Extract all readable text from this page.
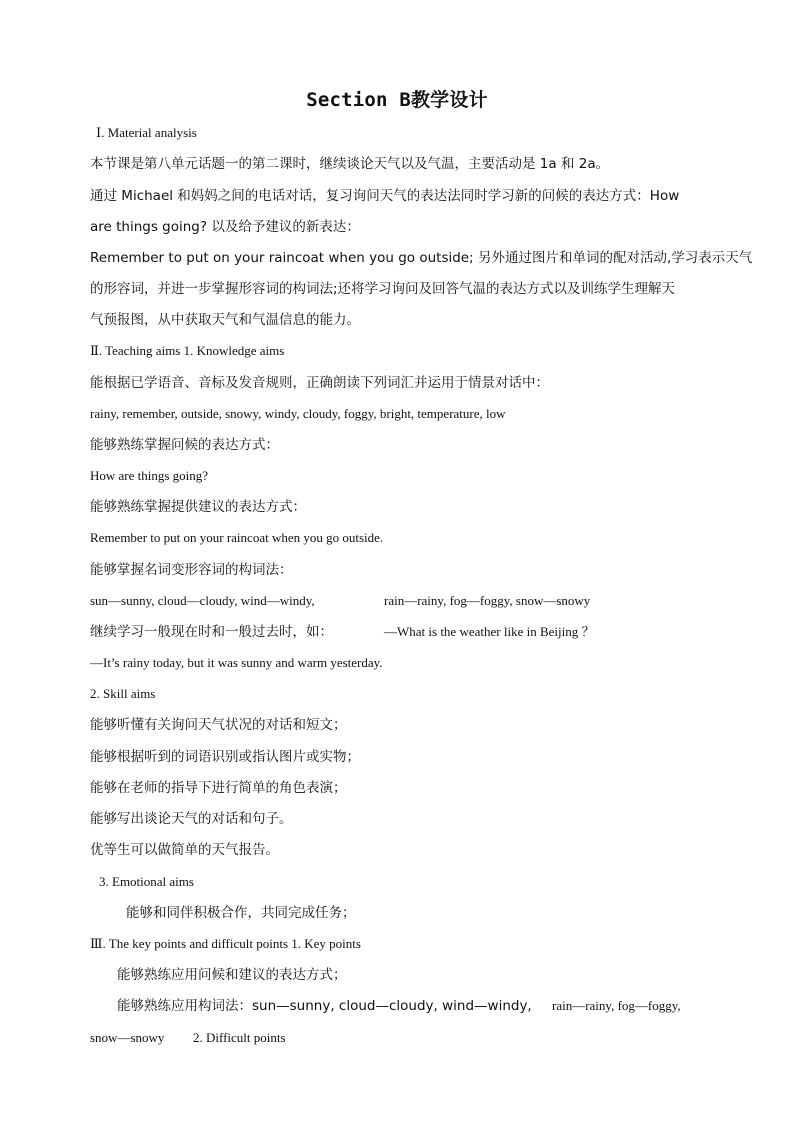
Section B教学设计
Ⅰ. Material analysis
本节课是第八单元话题一的第二课时，继续谈论天气以及气温，主要活动是 1a 和 2a。
通过 Michael 和妈妈之间的电话对话，复习询问天气的表达法同时学习新的问候的表达方式：How
are things going? 以及给予建议的新表达：
Remember to put on your raincoat when you go outside; 另外通过图片和单词的配对活动,学习表示天气
的形容词，并进一步掌握形容词的构词法;还将学习询问及回答气温的表达方式以及训练学生理解天
气预报图，从中获取天气和气温信息的能力。
Ⅱ. Teaching aims 1. Knowledge aims
能根据已学语音、音标及发音规则，正确朗读下列词汇并运用于情景对话中：
rainy, remember, outside, snowy, windy, cloudy, foggy, bright, temperature, low
能够熟练掌握问候的表达方式：
How are things going?
能够熟练掌握提供建议的表达方式：
Remember to put on your raincoat when you go outside.
能够掌握名词变形容词的构词法：
sun—sunny, cloud—cloudy, wind—windy,	rain—rainy, fog—foggy, snow—snowy
继续学习一般现在时和一般过去时，如：	—What is the weather like in Beijing ？
—It’s rainy today, but it was sunny and warm yesterday.
2. Skill aims
能够听懂有关询问天气状况的对话和短文；
能够根据听到的词语识别或指认图片或实物；
能够在老师的指导下进行简单的角色表演；
能够写出谈论天气的对话和句子。
优等生可以做简单的天气报告。
3. Emotional aims
能够和同伴积极合作，共同完成任务；
Ⅲ. The key points and difficult points 1. Key points
能够熟练应用问候和建议的表达方式；
能够熟练应用构词法：sun—sunny, cloud—cloudy, wind—windy, rain—rainy, fog—foggy,
snow—snowy 2. Difficult points
